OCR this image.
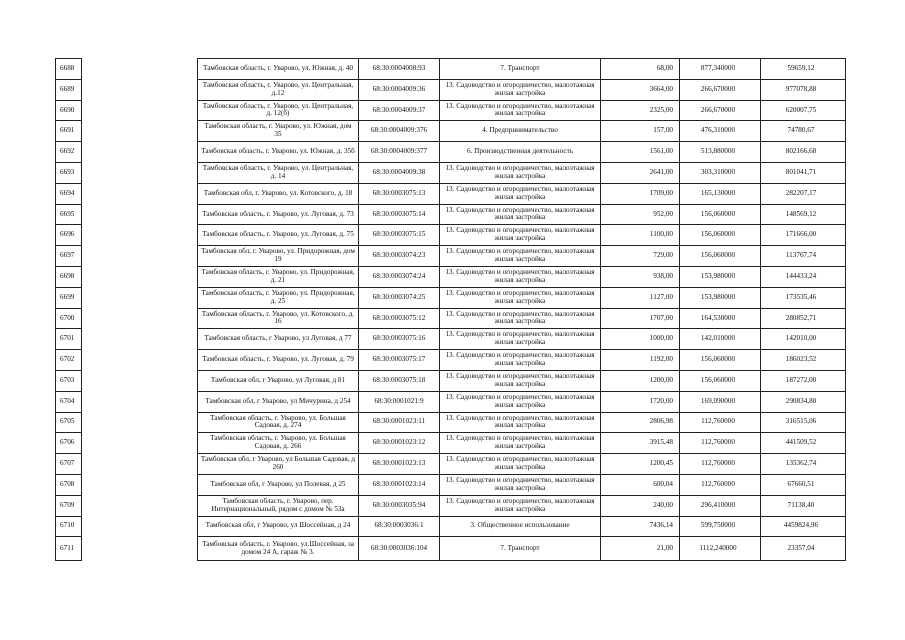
6688		Тамбовская область, г. Уварово, ул. Южная, д. 40	68:30:0004008:93	7. Транспорт	68,00	877,340000	59659,12
6689		Тамбовская область, г. Уварово, ул. Центральная, д.12	68:30:0004009:36	13. Садоводство и огородничество, малоэтажная жилая застройка	3664,00	266,670000	977078,88
6690		Тамбовская область, г. Уварово, ул. Центральная, д. 12(б)	68:30:0004009:37	13. Садоводство и огородничество, малоэтажная жилая застройка	2325,00	266,670000	620007,75
6691		Тамбовская область, г. Уварово, ул. Южная, дом 35	68:30:0004009:376	4. Предпринимательство	157,00	476,310000	74780,67
6692		Тамбовская область, г. Уварово, ул. Южная, д. 35б	68:30:0004009:377	6. Производственная деятельность	1561,00	513,880000	802166,68
6693		Тамбовская область, г. Уварово, ул. Центральная, д. 14	68:30:0004009:38	13. Садоводство и огородничество, малоэтажная жилая застройка	2641,00	303,310000	801041,71
6694		Тамбовская обл, г. Уварово, ул. Котовского, д. 18	68:30:0003075:13	13. Садоводство и огородничество, малоэтажная жилая застройка	1709,00	165,130000	282207,17
6695		Тамбовская область, г. Уварово, ул. Луговая, д. 73	68:30:0003075:14	13. Садоводство и огородничество, малоэтажная жилая застройка	952,00	156,060000	148569,12
6696		Тамбовская область, г. Уварово, ул. Луговая, д. 75	68:30:0003075:15	13. Садоводство и огородничество, малоэтажная жилая застройка	1100,00	156,060000	171666,00
6697		Тамбовская обл, г. Уварово, ул. Придорожная, дом 19	68:30:0003074:23	13. Садоводство и огородничество, малоэтажная жилая застройка	729,00	156,060000	113767,74
6698		Тамбовская область, г. Уварово, ул. Придорожная, д. 21	68:30:0003074:24	13. Садоводство и огородничество, малоэтажная жилая застройка	938,00	153,980000	144433,24
6699		Тамбовская область, г. Уварово, ул. Придорожная, д. 25	68:30:0003074:25	13. Садоводство и огородничество, малоэтажная жилая застройка	1127,00	153,980000	173535,46
6700		Тамбовская область, г. Уварово, ул. Котовского, д. 16	68:30:0003075:12	13. Садоводство и огородничество, малоэтажная жилая застройка	1707,00	164,530000	280852,71
6701		Тамбовская область, г Уварово, ул Луговая, д 77	68:30:0003075:16	13. Садоводство и огородничество, малоэтажная жилая застройка	1000,00	142,010000	142010,00
6702		Тамбовская область, г. Уварово, ул. Луговая, д. 79	68:30:0003075:17	13. Садоводство и огородничество, малоэтажная жилая застройка	1192,00	156,060000	186023,52
6703		Тамбовская обл, г Уварово, ул Луговая, д 81	68:30:0003075:18	13. Садоводство и огородничество, малоэтажная жилая застройка	1200,00	156,060000	187272,00
6704		Тамбовская обл, г Уварово, ул Мичурина, д 254	68:30:0001021:9	13. Садоводство и огородничество, малоэтажная жилая застройка	1720,00	169,090000	290834,80
6705		Тамбовская область, г. Уварово, ул. Большая Садовая, д. 274	68:30:0001023:11	13. Садоводство и огородничество, малоэтажная жилая застройка	2806,98	112,760000	316515,06
6706		Тамбовская область, г. Уварово, ул. Большая Садовая, д. 266	68:30:0001023:12	13. Садоводство и огородничество, малоэтажная жилая застройка	3915,48	112,760000	441509,52
6707		Тамбовская обл, г Уварово, ул Большая Садовая, д 260	68:30:0001023:13	13. Садоводство и огородничество, малоэтажная жилая застройка	1200,45	112,760000	135362,74
6708		Тамбовская обл, г Уварово, ул Полевая, д 25	68:30:0001023:14	13. Садоводство и огородничество, малоэтажная жилая застройка	600,04	112,760000	67660,51
6709		Тамбовская область, г. Уварово, пер. Интернациональный, рядом с домом № 53а	68:30:0003035:94	13. Садоводство и огородничество, малоэтажная жилая застройка	240,00	296,410000	71138,40
6710		Тамбовская обл, г Уварово, ул Шоссейная, д 24	68:30:0003036:1	3. Общественное использование	7436,14	599,750000	4459824,96
6711		Тамбовская область, г. Уварово, ул.Шоссейная, за домом 24 А, гараж № 3.	68:30:0003036:104	7. Транспорт	21,00	1112,240000	23357,04
